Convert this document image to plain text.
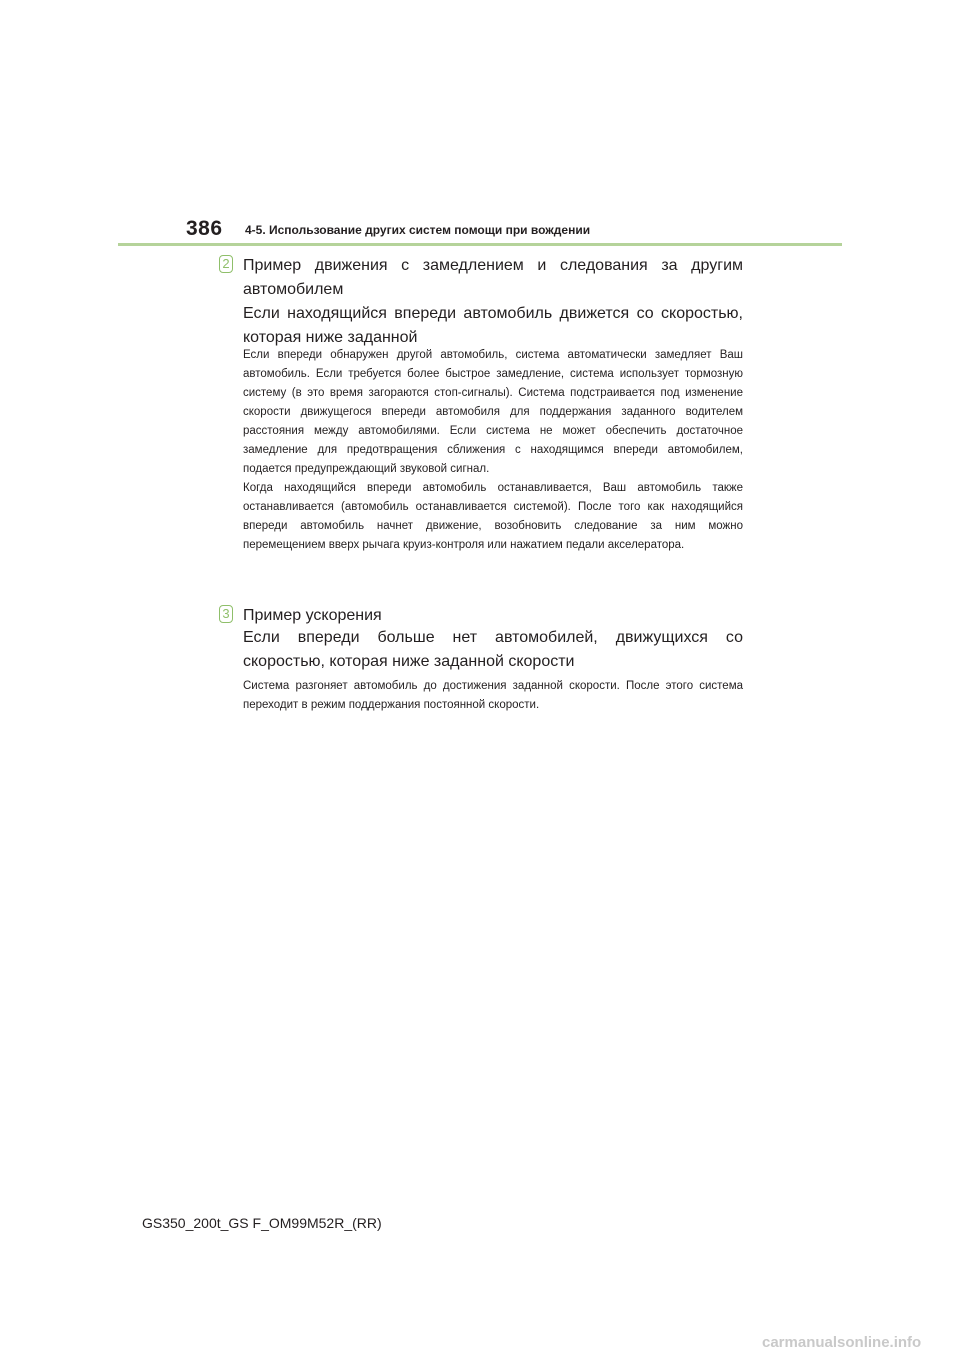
386 4-5. Использование других систем помощи при вождении
2 Пример движения с замедлением и следования за другим автомобилем
Если находящийся впереди автомобиль движется со скоростью, которая ниже заданной

Если впереди обнаружен другой автомобиль, система автоматически замедляет Ваш автомобиль. Если требуется более быстрое замедление, система использует тормозную систему (в это время загораются стоп-сигналы). Система подстраивается под изменение скорости движущегося впереди автомобиля для поддержания заданного водителем расстояния между автомобилями. Если система не может обеспечить достаточное замедление для предотвращения сближения с находящимся впереди автомобилем, подается предупреждающий звуковой сигнал.

Когда находящийся впереди автомобиль останавливается, Ваш автомобиль также останавливается (автомобиль останавливается системой). После того как находящийся впереди автомобиль начнет движение, возобновить следование за ним можно перемещением вверх рычага круиз-контроля или нажатием педали акселератора.

3 Пример ускорения
Если впереди больше нет автомобилей, движущихся со скоростью, которая ниже заданной скорости

Система разгоняет автомобиль до достижения заданной скорости. После этого система переходит в режим поддержания постоянной скорости.

GS350_200t_GS F_OM99M52R_(RR)
carmanualsonline.info
